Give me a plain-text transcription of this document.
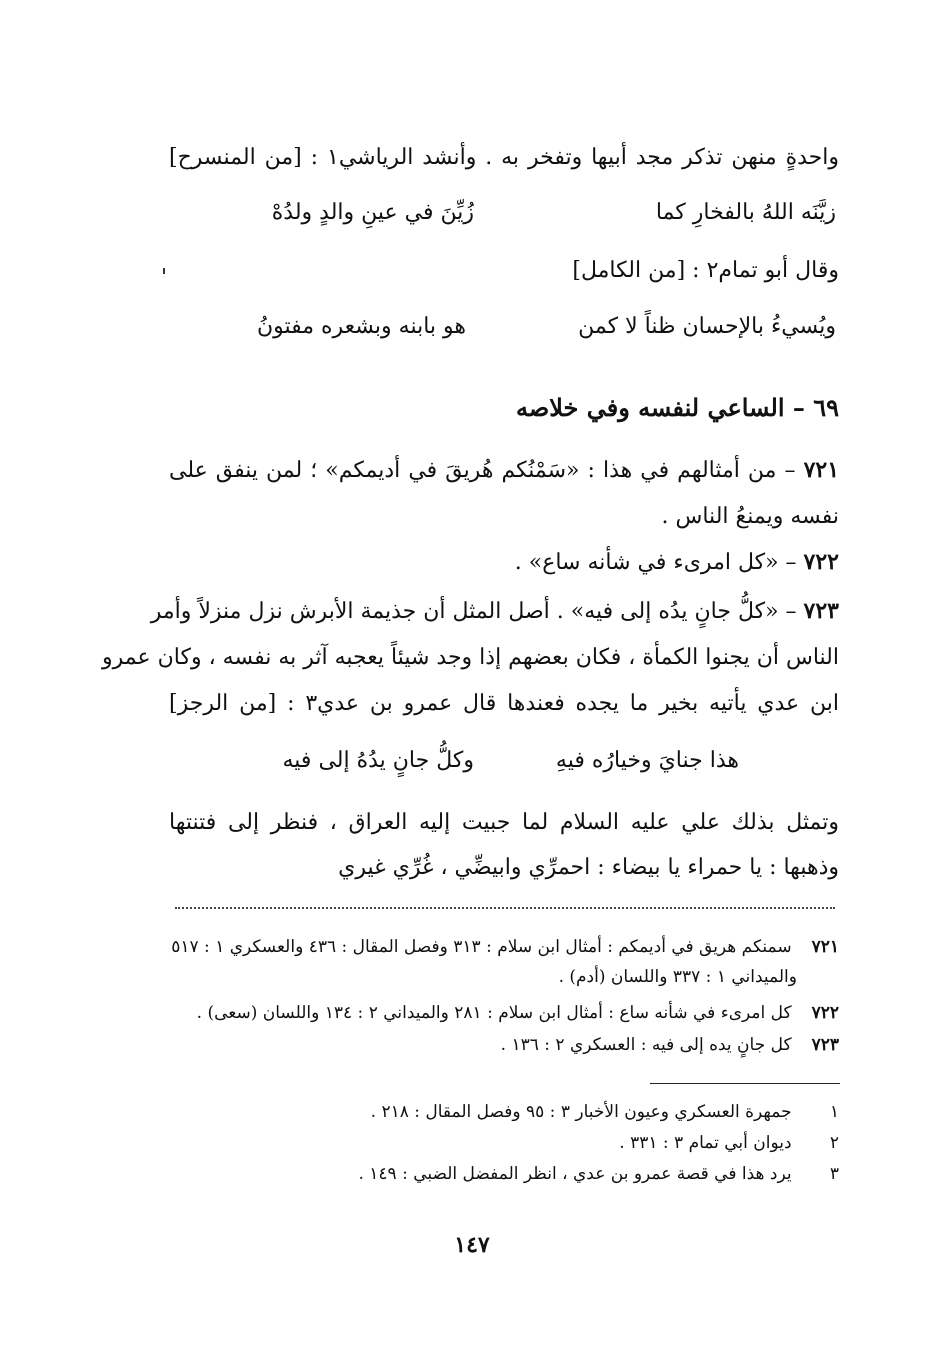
واحدةٍ منهن تذكر مجد أبيها وتفخر به . وأنشد الرياشي١ : [من المنسرح]
زيَّنَه اللهُ بالفخارِ كما
زُيِّنَ في عينِ والدٍ ولدُهْ
وقال أبو تمام٢ : [من الكامل]
ويُسيءُ بالإحسان ظناً لا كمن
هو بابنه وبشعره مفتونُ
٦٩ – الساعي لنفسه وفي خلاصه
٧٢١ – من أمثالهم في هذا : «سَمْنُكم هُريقَ في أديمكم» ؛ لمن ينفق على
نفسه ويمنعُ الناس .
٧٢٢ – «كل امرىء في شأنه ساع» .
٧٢٣ – «كلُّ جانٍ يدُه إلى فيه» . أصل المثل أن جذيمة الأبرش نزل منزلاً وأمر
الناس أن يجنوا الكمأة ، فكان بعضهم إذا وجد شيئاً يعجبه آثر به نفسه ، وكان عمرو
ابن عدي يأتيه بخير ما يجده فعندها قال عمرو بن عدي٣ : [من الرجز]
هذا جنايَ وخيارُه فيهِ
وكلُّ جانٍ يدُهُ إلى فيه
وتمثل بذلك علي عليه السلام لما جبيت إليه العراق ، فنظر إلى فتنتها
وذهبها : يا حمراء يا بيضاء : احمرِّي وابيضِّي ، غُرِّي غيري
٧٢١ سمنكم هريق في أديمكم : أمثال ابن سلام : ٣١٣ وفصل المقال : ٤٣٦ والعسكري ١ : ٥١٧
والميداني ١ : ٣٣٧ واللسان (أدم) .
٧٢٢ كل امرىء في شأنه ساع : أمثال ابن سلام : ٢٨١ والميداني ٢ : ١٣٤ واللسان (سعى) .
٧٢٣ كل جانٍ يده إلى فيه : العسكري ٢ : ١٣٦ .
١ جمهرة العسكري وعيون الأخبار ٣ : ٩٥ وفصل المقال : ٢١٨ .
٢ ديوان أبي تمام ٣ : ٣٣١ .
٣ يرد هذا في قصة عمرو بن عدي ، انظر المفضل الضبي : ١٤٩ .
١٤٧
